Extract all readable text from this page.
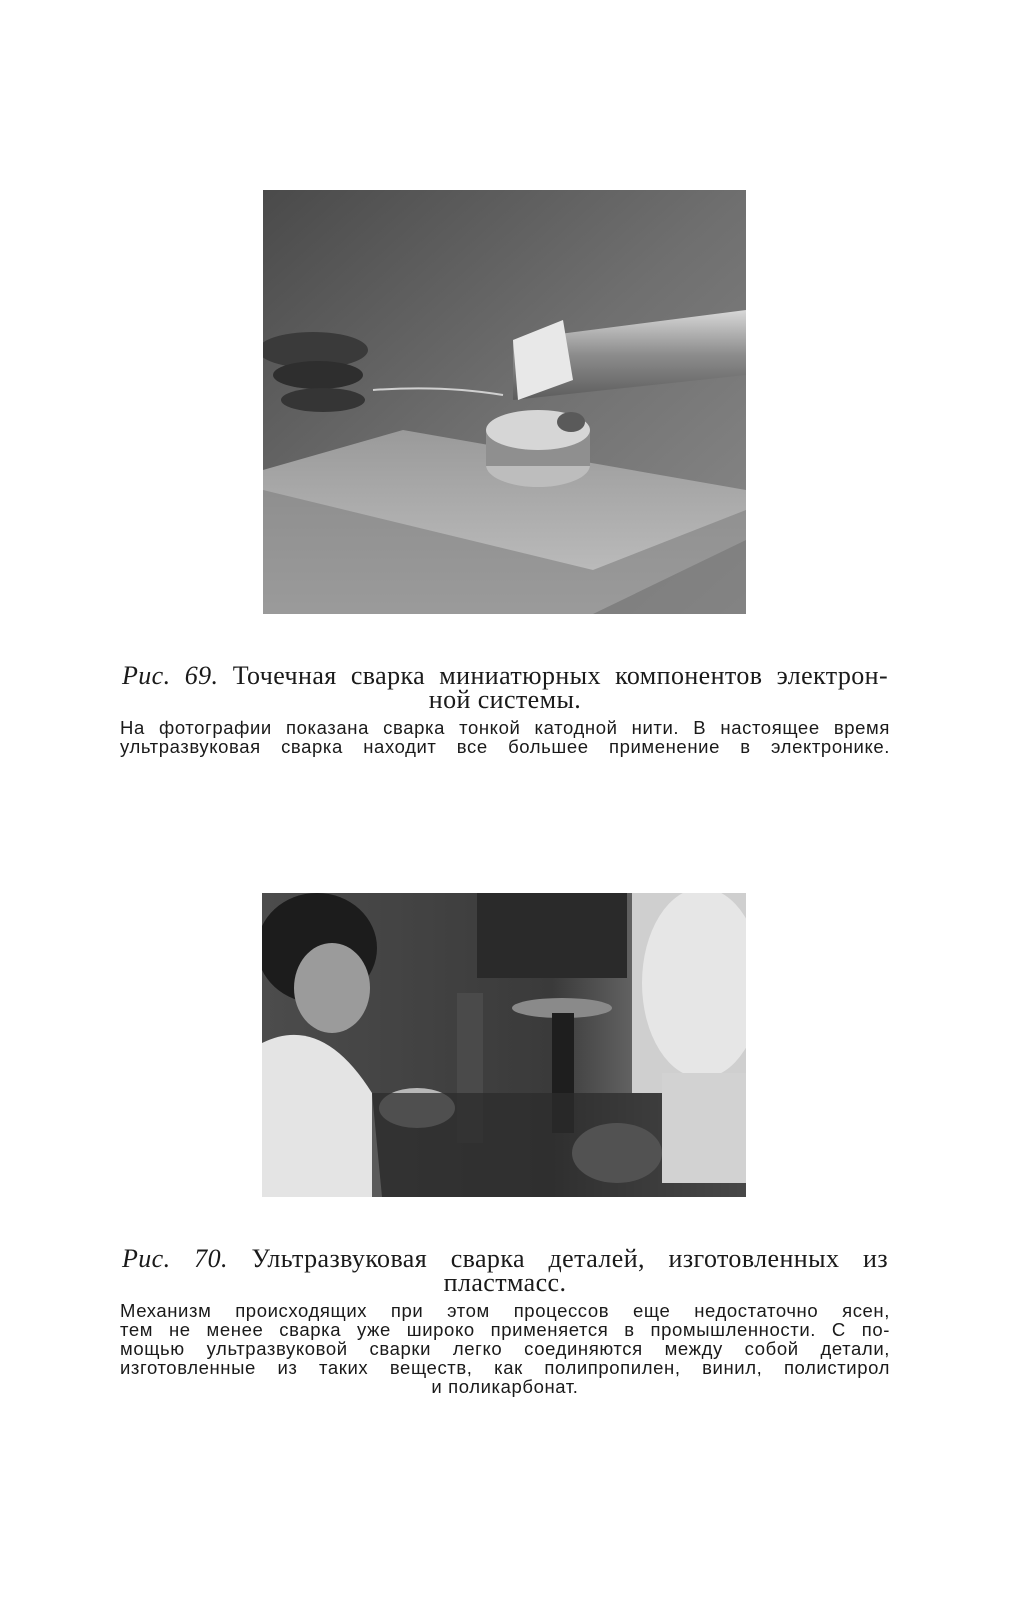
Рис. 69. Точечная сварка миниатюрных компонентов электрон-
ной системы.
На фотографии показана сварка тонкой катодной нити. В настоящее время
ультразвуковая сварка находит все большее применение в электронике.
Рис. 70. Ультразвуковая сварка деталей, изготовленных из
пластмасс.
Механизм происходящих при этом процессов еще недостаточно ясен,
тем не менее сварка уже широко применяется в промышленности. С по-
мощью ультразвуковой сварки легко соединяются между собой детали,
изготовленные из таких веществ, как полипропилен, винил, полистирол
и поликарбонат.
